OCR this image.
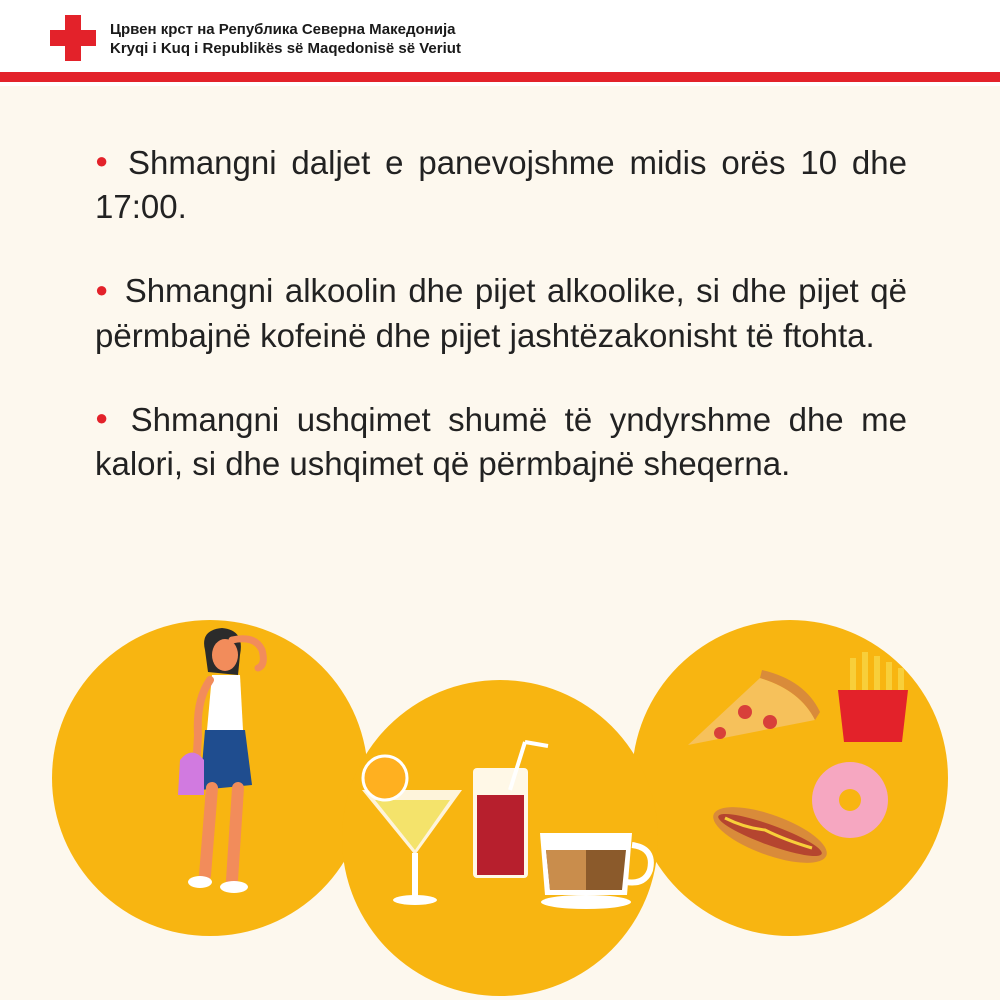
Црвен крст на Република Северна Македонија
Kryqi i Kuq i Republikës së Maqedonisë së Veriut

● Shmangni daljet e panevojshme midis orës 10 dhe 17:00.

● Shmangni alkoolin dhe pijet alkoolike, si dhe pijet që përmbajnë kofeinë dhe pijet jashtëzakonisht të ftohta.

● Shmangni ushqimet shumë të yndyrshme dhe me kalori, si dhe ushqimet që përmbajnë sheqerna.
